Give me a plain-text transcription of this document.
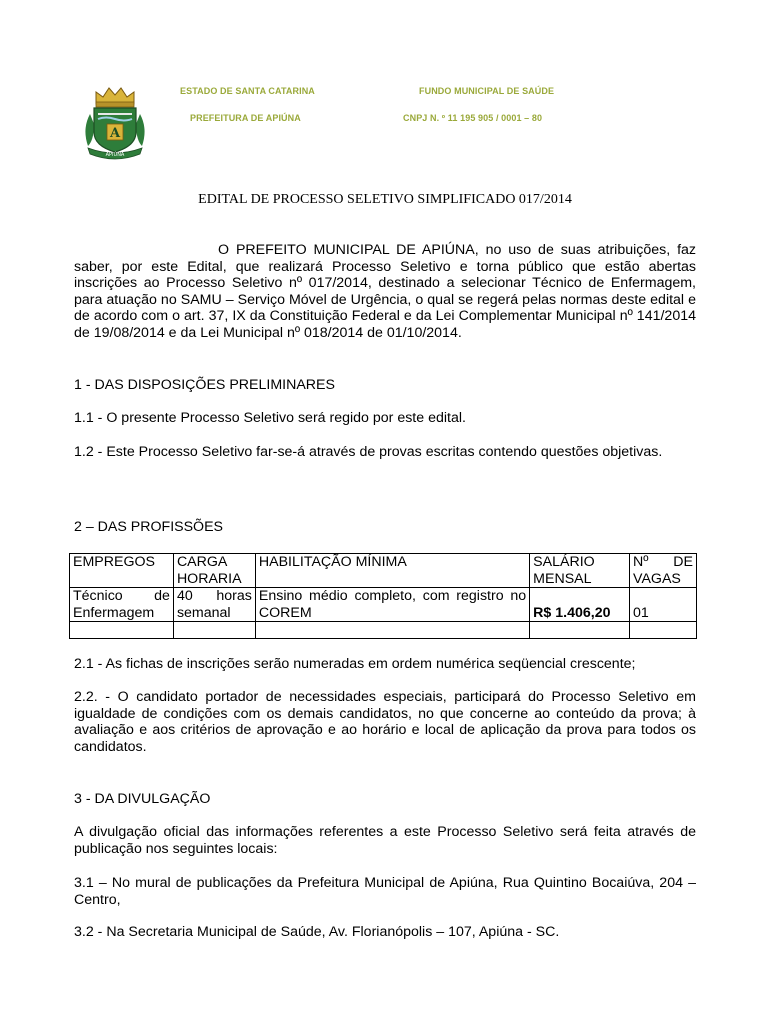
A
APIÚNA
ESTADO DE SANTA CATARINA	FUNDO MUNICIPAL DE SAÚDE
PREFEITURA DE APIÚNA	CNPJ N. º 11 195 905 / 0001 – 80
EDITAL DE PROCESSO SELETIVO SIMPLIFICADO 017/2014
O PREFEITO MUNICIPAL DE APIÚNA, no uso de suas atribuições, faz saber, por este Edital, que realizará Processo Seletivo e torna público que estão abertas inscrições ao Processo Seletivo nº 017/2014, destinado a selecionar Técnico de Enfermagem, para atuação no SAMU – Serviço Móvel de Urgência, o qual se regerá pelas normas deste edital e de acordo com o art. 37, IX da Constituição Federal e da Lei Complementar Municipal nº 141/2014 de 19/08/2014 e da Lei Municipal nº 018/2014 de 01/10/2014.
1 - DAS DISPOSIÇÕES PRELIMINARES
1.1 - O presente Processo Seletivo será regido por este edital.
1.2 - Este Processo Seletivo far-se-á através de provas escritas contendo questões objetivas.
2 – DAS PROFISSÕES
EMPREGOS	CARGA HORARIA	HABILITAÇÃO MÍNIMA	SALÁRIO MENSAL	Nº DE VAGAS
Técnico de Enfermagem	40 horas semanal	Ensino médio completo, com registro no COREM	R$ 1.406,20	01

2.1 - As fichas de inscrições serão numeradas em ordem numérica seqüencial crescente;
2.2. - O candidato portador de necessidades especiais, participará do Processo Seletivo em igualdade de condições com os demais candidatos, no que concerne ao conteúdo da prova; à avaliação e aos critérios de aprovação e ao horário e local de aplicação da prova para todos os candidatos.
3 - DA DIVULGAÇÃO
A divulgação oficial das informações referentes a este Processo Seletivo será feita através de publicação nos seguintes locais:
3.1 – No mural de publicações da Prefeitura Municipal de Apiúna, Rua Quintino Bocaiúva, 204 – Centro,
3.2 - Na Secretaria Municipal de Saúde, Av. Florianópolis – 107, Apiúna - SC.
